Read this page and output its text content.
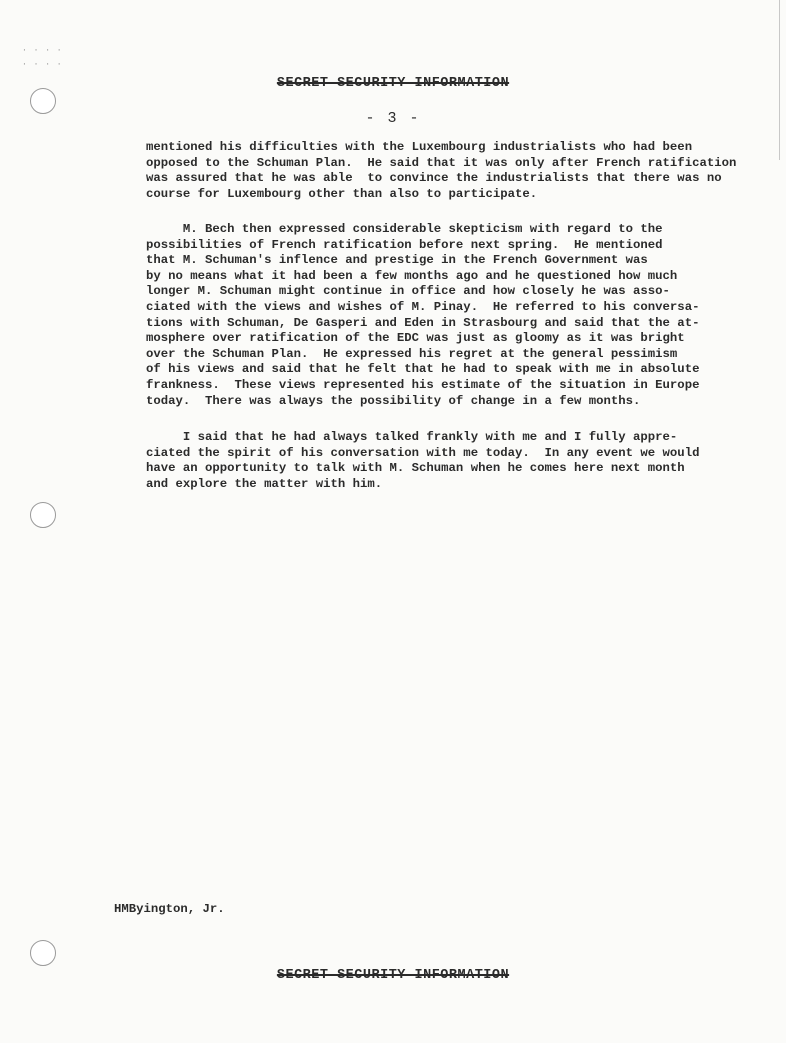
· · · ·
· · · ·
SECRET SECURITY INFORMATION
- 3 -
mentioned his difficulties with the Luxembourg industrialists who had been
opposed to the Schuman Plan.  He said that it was only after French ratification
was assured that he was able  to convince the industrialists that there was no
course for Luxembourg other than also to participate.
M. Bech then expressed considerable skepticism with regard to the
possibilities of French ratification before next spring.  He mentioned
that M. Schuman's inflence and prestige in the French Government was
by no means what it had been a few months ago and he questioned how much
longer M. Schuman might continue in office and how closely he was asso-
ciated with the views and wishes of M. Pinay.  He referred to his conversa-
tions with Schuman, De Gasperi and Eden in Strasbourg and said that the at-
mosphere over ratification of the EDC was just as gloomy as it was bright
over the Schuman Plan.  He expressed his regret at the general pessimism
of his views and said that he felt that he had to speak with me in absolute
frankness.  These views represented his estimate of the situation in Europe
today.  There was always the possibility of change in a few months.
I said that he had always talked frankly with me and I fully appre-
ciated the spirit of his conversation with me today.  In any event we would
have an opportunity to talk with M. Schuman when he comes here next month
and explore the matter with him.
HMByington, Jr.
SECRET SECURITY INFORMATION
